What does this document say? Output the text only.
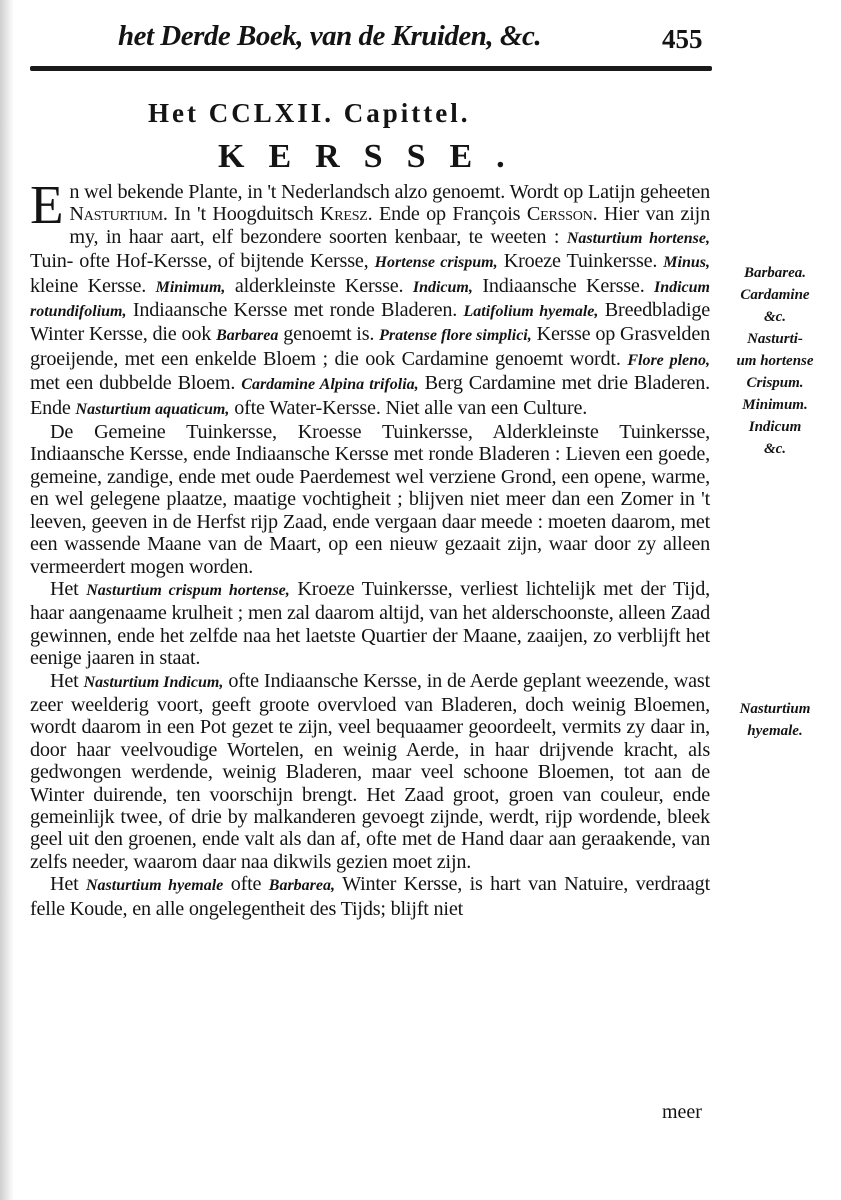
het Derde Boek, van de Kruiden, &c.	455
Het CCLXII. Capittel.
KERSSE.

En wel bekende Plante, in 't Nederlandsch alzo genoemt. Wordt op Latijn geheeten Nasturtium. In 't Hoogduitsch Kresz. Ende op François Cersson. Hier van zijn my, in haar aart, elf bezondere soorten kenbaar, te weeten : Nasturtium hortense, Tuin- ofte Hof-Kersse, of bijtende Kersse, Hortense crispum, Kroeze Tuinkersse. Minus, kleine Kersse. Minimum, alderkleinste Kersse. Indicum, Indiaansche Kersse. Indicum rotundifolium, Indiaansche Kersse met ronde Bladeren. Latifolium hyemale, Breedbladige Winter Kersse, die ook Barbarea genoemt is. Pratense flore simplici, Kersse op Grasvelden groeijende, met een enkelde Bloem ; die ook Cardamine genoemt wordt. Flore pleno, met een dubbelde Bloem. Cardamine Alpina trifolia, Berg Cardamine met drie Bladeren. Ende Nasturtium aquaticum, ofte Water-Kersse. Niet alle van een Culture.

De Gemeine Tuinkersse, Kroesse Tuinkersse, Alderkleinste Tuinkersse, Indiaansche Kersse, ende Indiaansche Kersse met ronde Bladeren : Lieven een goede, gemeine, zandige, ende met oude Paerdemest wel verziene Grond, een opene, warme, en wel gelegene plaatze, maatige vochtigheit ; blijven niet meer dan een Zomer in 't leeven, geeven in de Herfst rijp Zaad, ende vergaan daar meede : moeten daarom, met een wassende Maane van de Maart, op een nieuw gezaait zijn, waar door zy alleen vermeerdert mogen worden.

Het Nasturtium crispum hortense, Kroeze Tuinkersse, verliest lichtelijk met der Tijd, haar aangenaame krulheit ; men zal daarom altijd, van het alderschoonste, alleen Zaad gewinnen, ende het zelfde naa het laetste Quartier der Maane, zaaijen, zo verblijft het eenige jaaren in staat.

Het Nasturtium Indicum, ofte Indiaansche Kersse, in de Aerde geplant weezende, wast zeer weelderig voort, geeft groote overvloed van Bladeren, doch weinig Bloemen, wordt daarom in een Pot gezet te zijn, veel bequaamer geoordeelt, vermits zy daar in, door haar veelvoudige Wortelen, en weinig Aerde, in haar drijvende kracht, als gedwongen werdende, weinig Bladeren, maar veel schoone Bloemen, tot aan de Winter duirende, ten voorschijn brengt. Het Zaad groot, groen van couleur, ende gemeinlijk twee, of drie by malkanderen gevoegt zijnde, werdt, rijp wordende, bleek geel uit den groenen, ende valt als dan af, ofte met de Hand daar aan geraakende, van zelfs needer, waarom daar naa dikwils gezien moet zijn.

Het Nasturtium hyemale ofte Barbarea, Winter Kersse, is hart van Natuire, verdraagt felle Koude, en alle ongelegentheit des Tijds; blijft niet

meer
Barbarea.
Cardamine
&c.
Nasturti-
um hortense
Crispum.
Minimum.
Indicum
&c.
Nasturtium
hyemale.
